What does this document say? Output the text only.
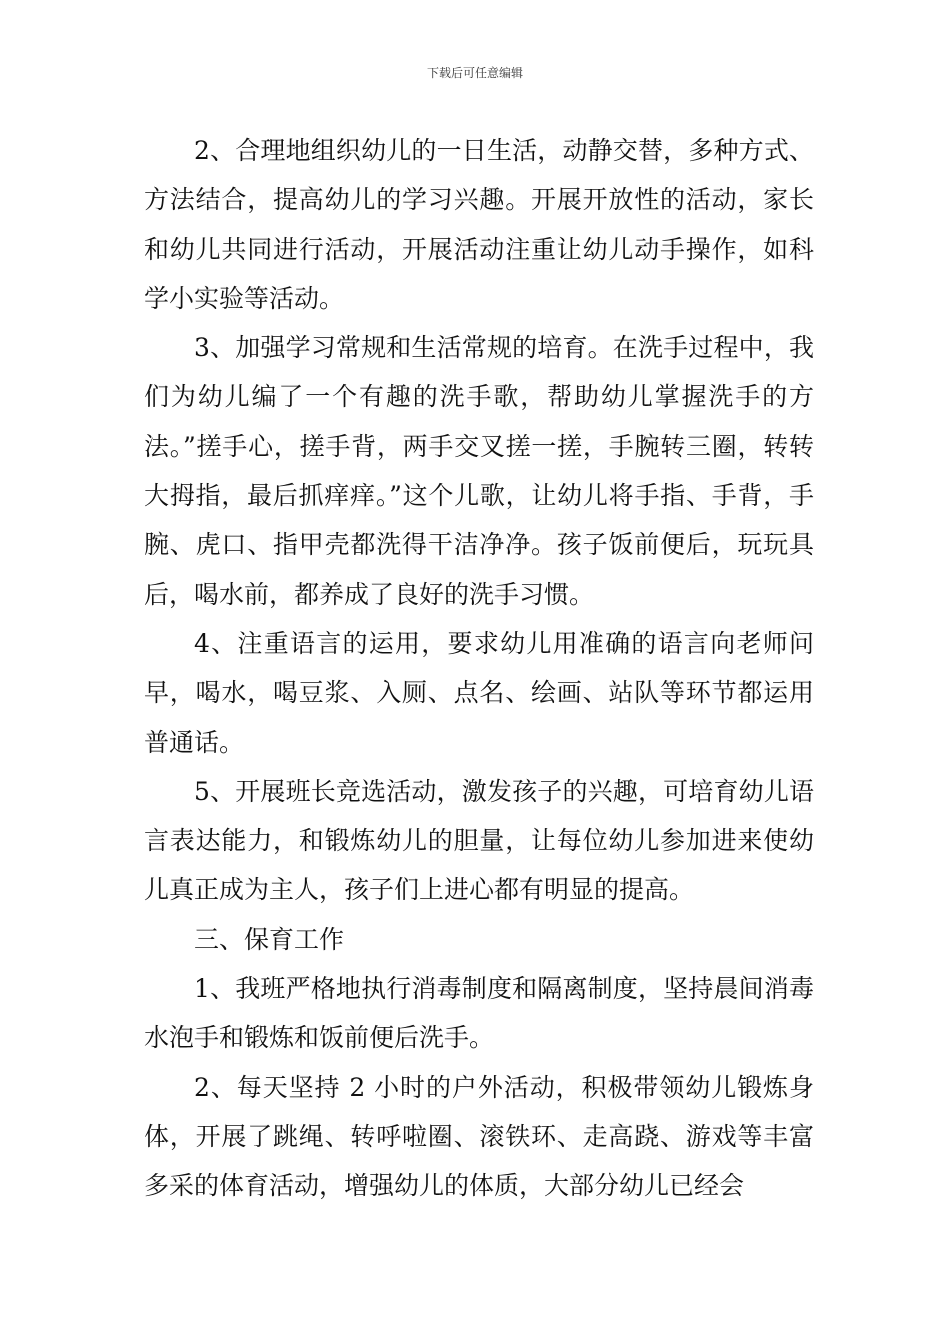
下载后可任意编辑

2、合理地组织幼儿的一日生活，动静交替，多种方式、方法结合，提高幼儿的学习兴趣。开展开放性的活动，家长和幼儿共同进行活动，开展活动注重让幼儿动手操作，如科学小实验等活动。

3、加强学习常规和生活常规的培育。在洗手过程中，我们为幼儿编了一个有趣的洗手歌，帮助幼儿掌握洗手的方法。”搓手心，搓手背，两手交叉搓一搓，手腕转三圈，转转大拇指，最后抓痒痒。”这个儿歌，让幼儿将手指、手背，手腕、虎口、指甲壳都洗得干洁净净。孩子饭前便后，玩玩具后，喝水前，都养成了良好的洗手习惯。

4、注重语言的运用，要求幼儿用准确的语言向老师问早，喝水，喝豆浆、入厕、点名、绘画、站队等环节都运用普通话。

5、开展班长竞选活动，激发孩子的兴趣，可培育幼儿语言表达能力，和锻炼幼儿的胆量，让每位幼儿参加进来使幼儿真正成为主人，孩子们上进心都有明显的提高。

三、保育工作

1、我班严格地执行消毒制度和隔离制度，坚持晨间消毒水泡手和锻炼和饭前便后洗手。

2、每天坚持 2 小时的户外活动，积极带领幼儿锻炼身体，开展了跳绳、转呼啦圈、滚铁环、走高跷、游戏等丰富多采的体育活动，增强幼儿的体质，大部分幼儿已经会
